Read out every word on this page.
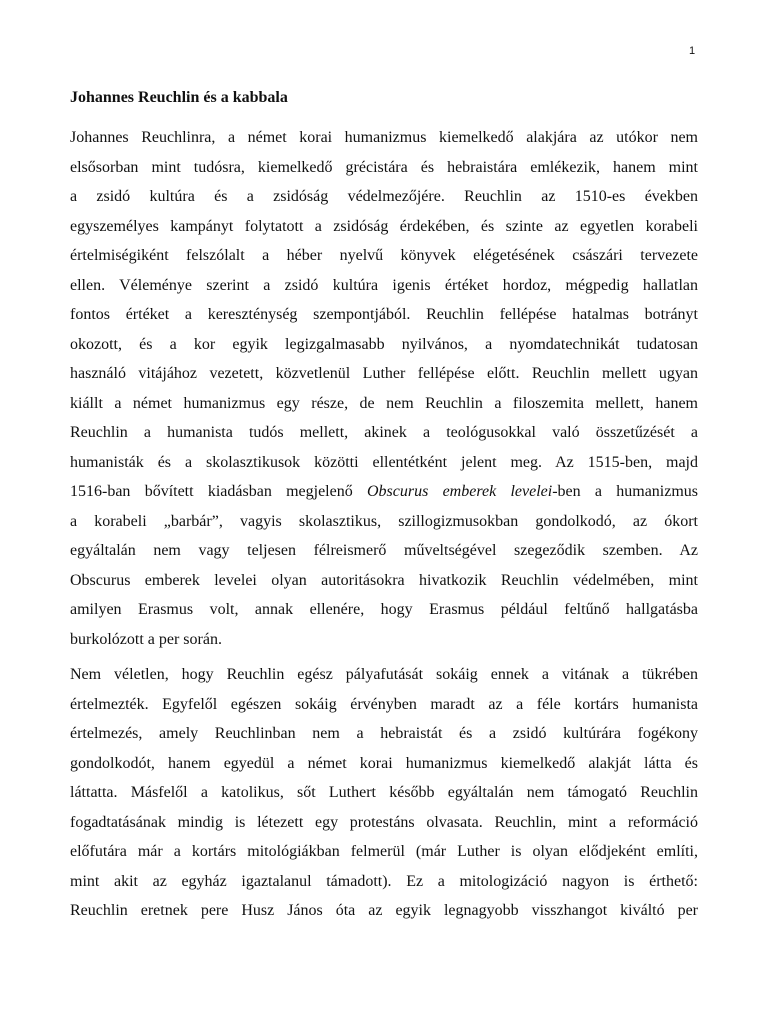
1
Johannes Reuchlin és a kabbala
Johannes Reuchlinra, a német korai humanizmus kiemelkedő alakjára az utókor nem
elsősorban mint tudósra, kiemelkedő grécistára és hebraistára emlékezik, hanem mint
a zsidó kultúra és a zsidóság védelmezőjére. Reuchlin az 1510-es években
egyszemélyes kampányt folytatott a zsidóság érdekében, és szinte az egyetlen korabeli
értelmiségiként felszólalt a héber nyelvű könyvek elégetésének császári tervezete
ellen. Véleménye szerint a zsidó kultúra igenis értéket hordoz, mégpedig hallatlan
fontos értéket a kereszténység szempontjából. Reuchlin fellépése hatalmas botrányt
okozott, és a kor egyik legizgalmasabb nyilvános, a nyomdatechnikát tudatosan
használó vitájához vezetett, közvetlenül Luther fellépése előtt. Reuchlin mellett ugyan
kiállt a német humanizmus egy része, de nem Reuchlin a filoszemita mellett, hanem
Reuchlin a humanista tudós mellett, akinek a teológusokkal való összetűzését a
humanisták és a skolasztikusok közötti ellentétként jelent meg. Az 1515-ben, majd
1516-ban bővített kiadásban megjelenő Obscurus emberek levelei-ben a humanizmus
a korabeli „barbár”, vagyis skolasztikus, szillogizmusokban gondolkodó, az ókort
egyáltalán nem vagy teljesen félreismerő műveltségével szegeződik szemben. Az
Obscurus emberek levelei olyan autoritásokra hivatkozik Reuchlin védelmében, mint
amilyen Erasmus volt, annak ellenére, hogy Erasmus például feltűnő hallgatásba
burkolózott a per során.
Nem véletlen, hogy Reuchlin egész pályafutását sokáig ennek a vitának a tükrében
értelmezték. Egyfelől egészen sokáig érvényben maradt az a féle kortárs humanista
értelmezés, amely Reuchlinban nem a hebraistát és a zsidó kultúrára fogékony
gondolkodót, hanem egyedül a német korai humanizmus kiemelkedő alakját látta és
láttatta. Másfelől a katolikus, sőt Luthert később egyáltalán nem támogató Reuchlin
fogadtatásának mindig is létezett egy protestáns olvasata. Reuchlin, mint a reformáció
előfutára már a kortárs mitológiákban felmerül (már Luther is olyan elődjeként említi,
mint akit az egyház igaztalanul támadott). Ez a mitologizáció nagyon is érthető:
Reuchlin eretnek pere Husz János óta az egyik legnagyobb visszhangot kiváltó per
